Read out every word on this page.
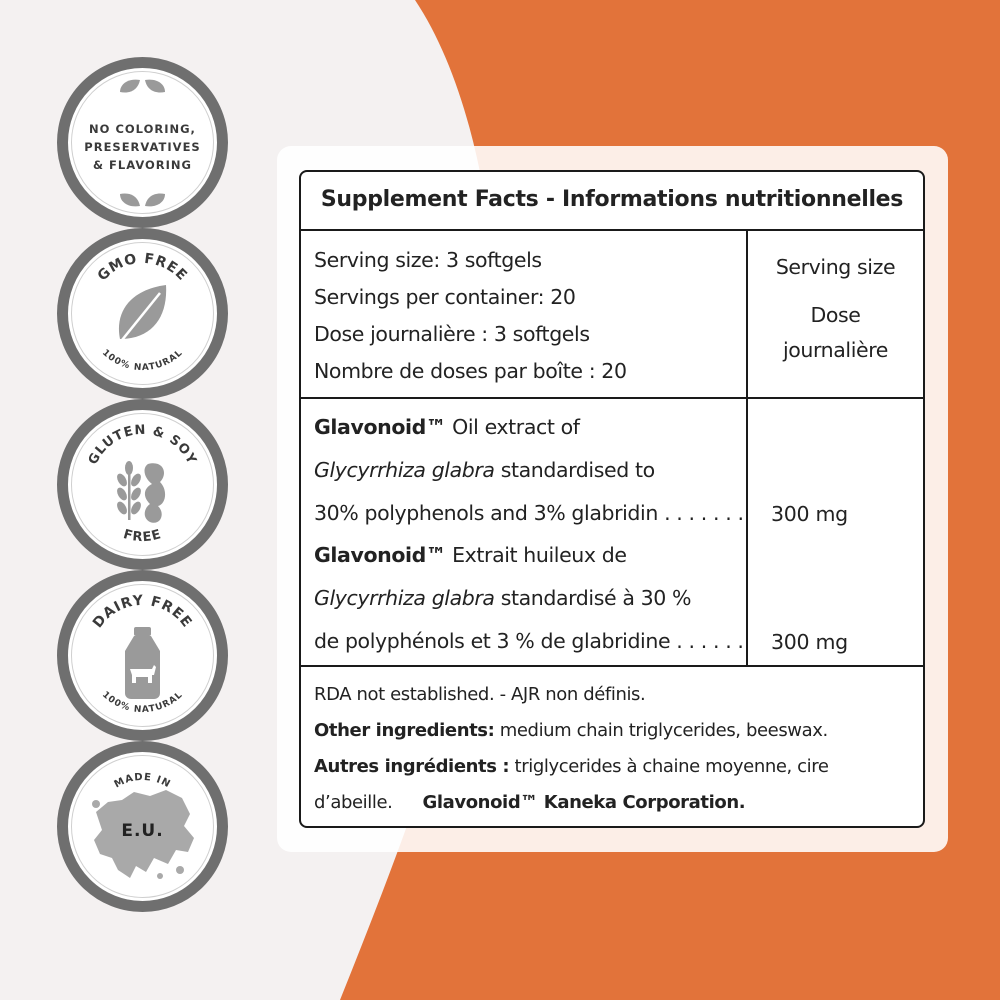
NO COLORING,
PRESERVATIVES
& FLAVORING
GMO FREE
100% NATURAL
GLUTEN & SOY
FREE
DAIRY FREE
100% NATURAL
MADE IN
E.U.
Supplement Facts - Informations nutritionnelles
Serving size: 3 softgels
Servings per container: 20
Dose journalière : 3 softgels
Nombre de doses par boîte : 20
Serving size
Dose
journalière
Glavonoid™ Oil extract of
Glycyrrhiza glabra standardised to
30% polyphenols and 3% glabridin . . . . . . . 300 mg
Glavonoid™ Extrait huileux de
Glycyrrhiza glabra standardisé à 30 %
de polyphénols et 3 % de glabridine . . . . . . 300 mg
RDA not established. - AJR non définis.
Other ingredients: medium chain triglycerides, beeswax.
Autres ingrédients : triglycerides à chaine moyenne, cire
d’abeille. Glavonoid™ Kaneka Corporation.
